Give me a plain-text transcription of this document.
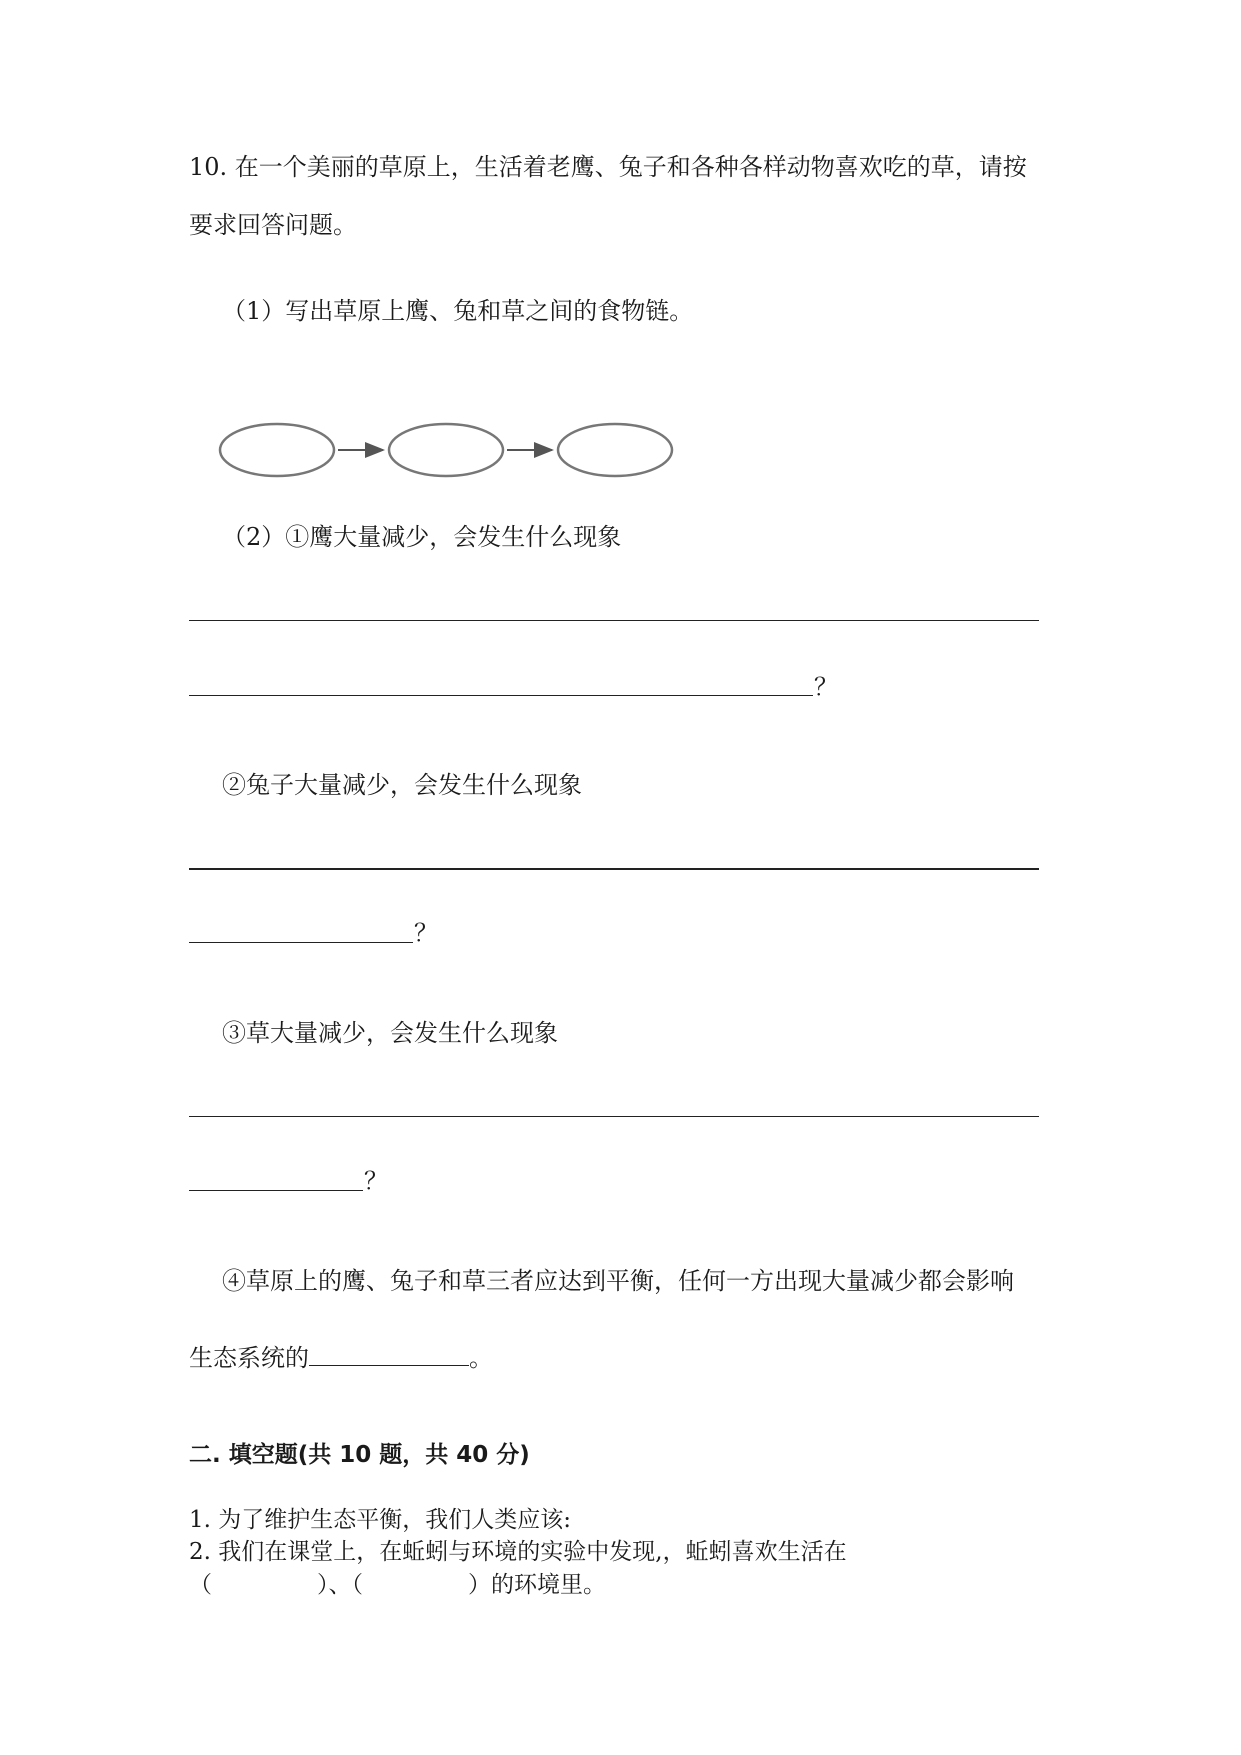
10. 在一个美丽的草原上，生活着老鹰、兔子和各种各样动物喜欢吃的草，请按
要求回答问题。
（1）写出草原上鹰、兔和草之间的食物链。
（2）①鹰大量减少，会发生什么现象
？
②兔子大量减少，会发生什么现象
？
③草大量减少，会发生什么现象
？
④草原上的鹰、兔子和草三者应达到平衡，任何一方出现大量减少都会影响
生态系统的	。
二. 填空题(共 10 题，共 40 分)
1. 为了维护生态平衡，我们人类应该:
2. 我们在课堂上，在蚯蚓与环境的实验中发现,，蚯蚓喜欢生活在
（	）、（	）的环境里。
